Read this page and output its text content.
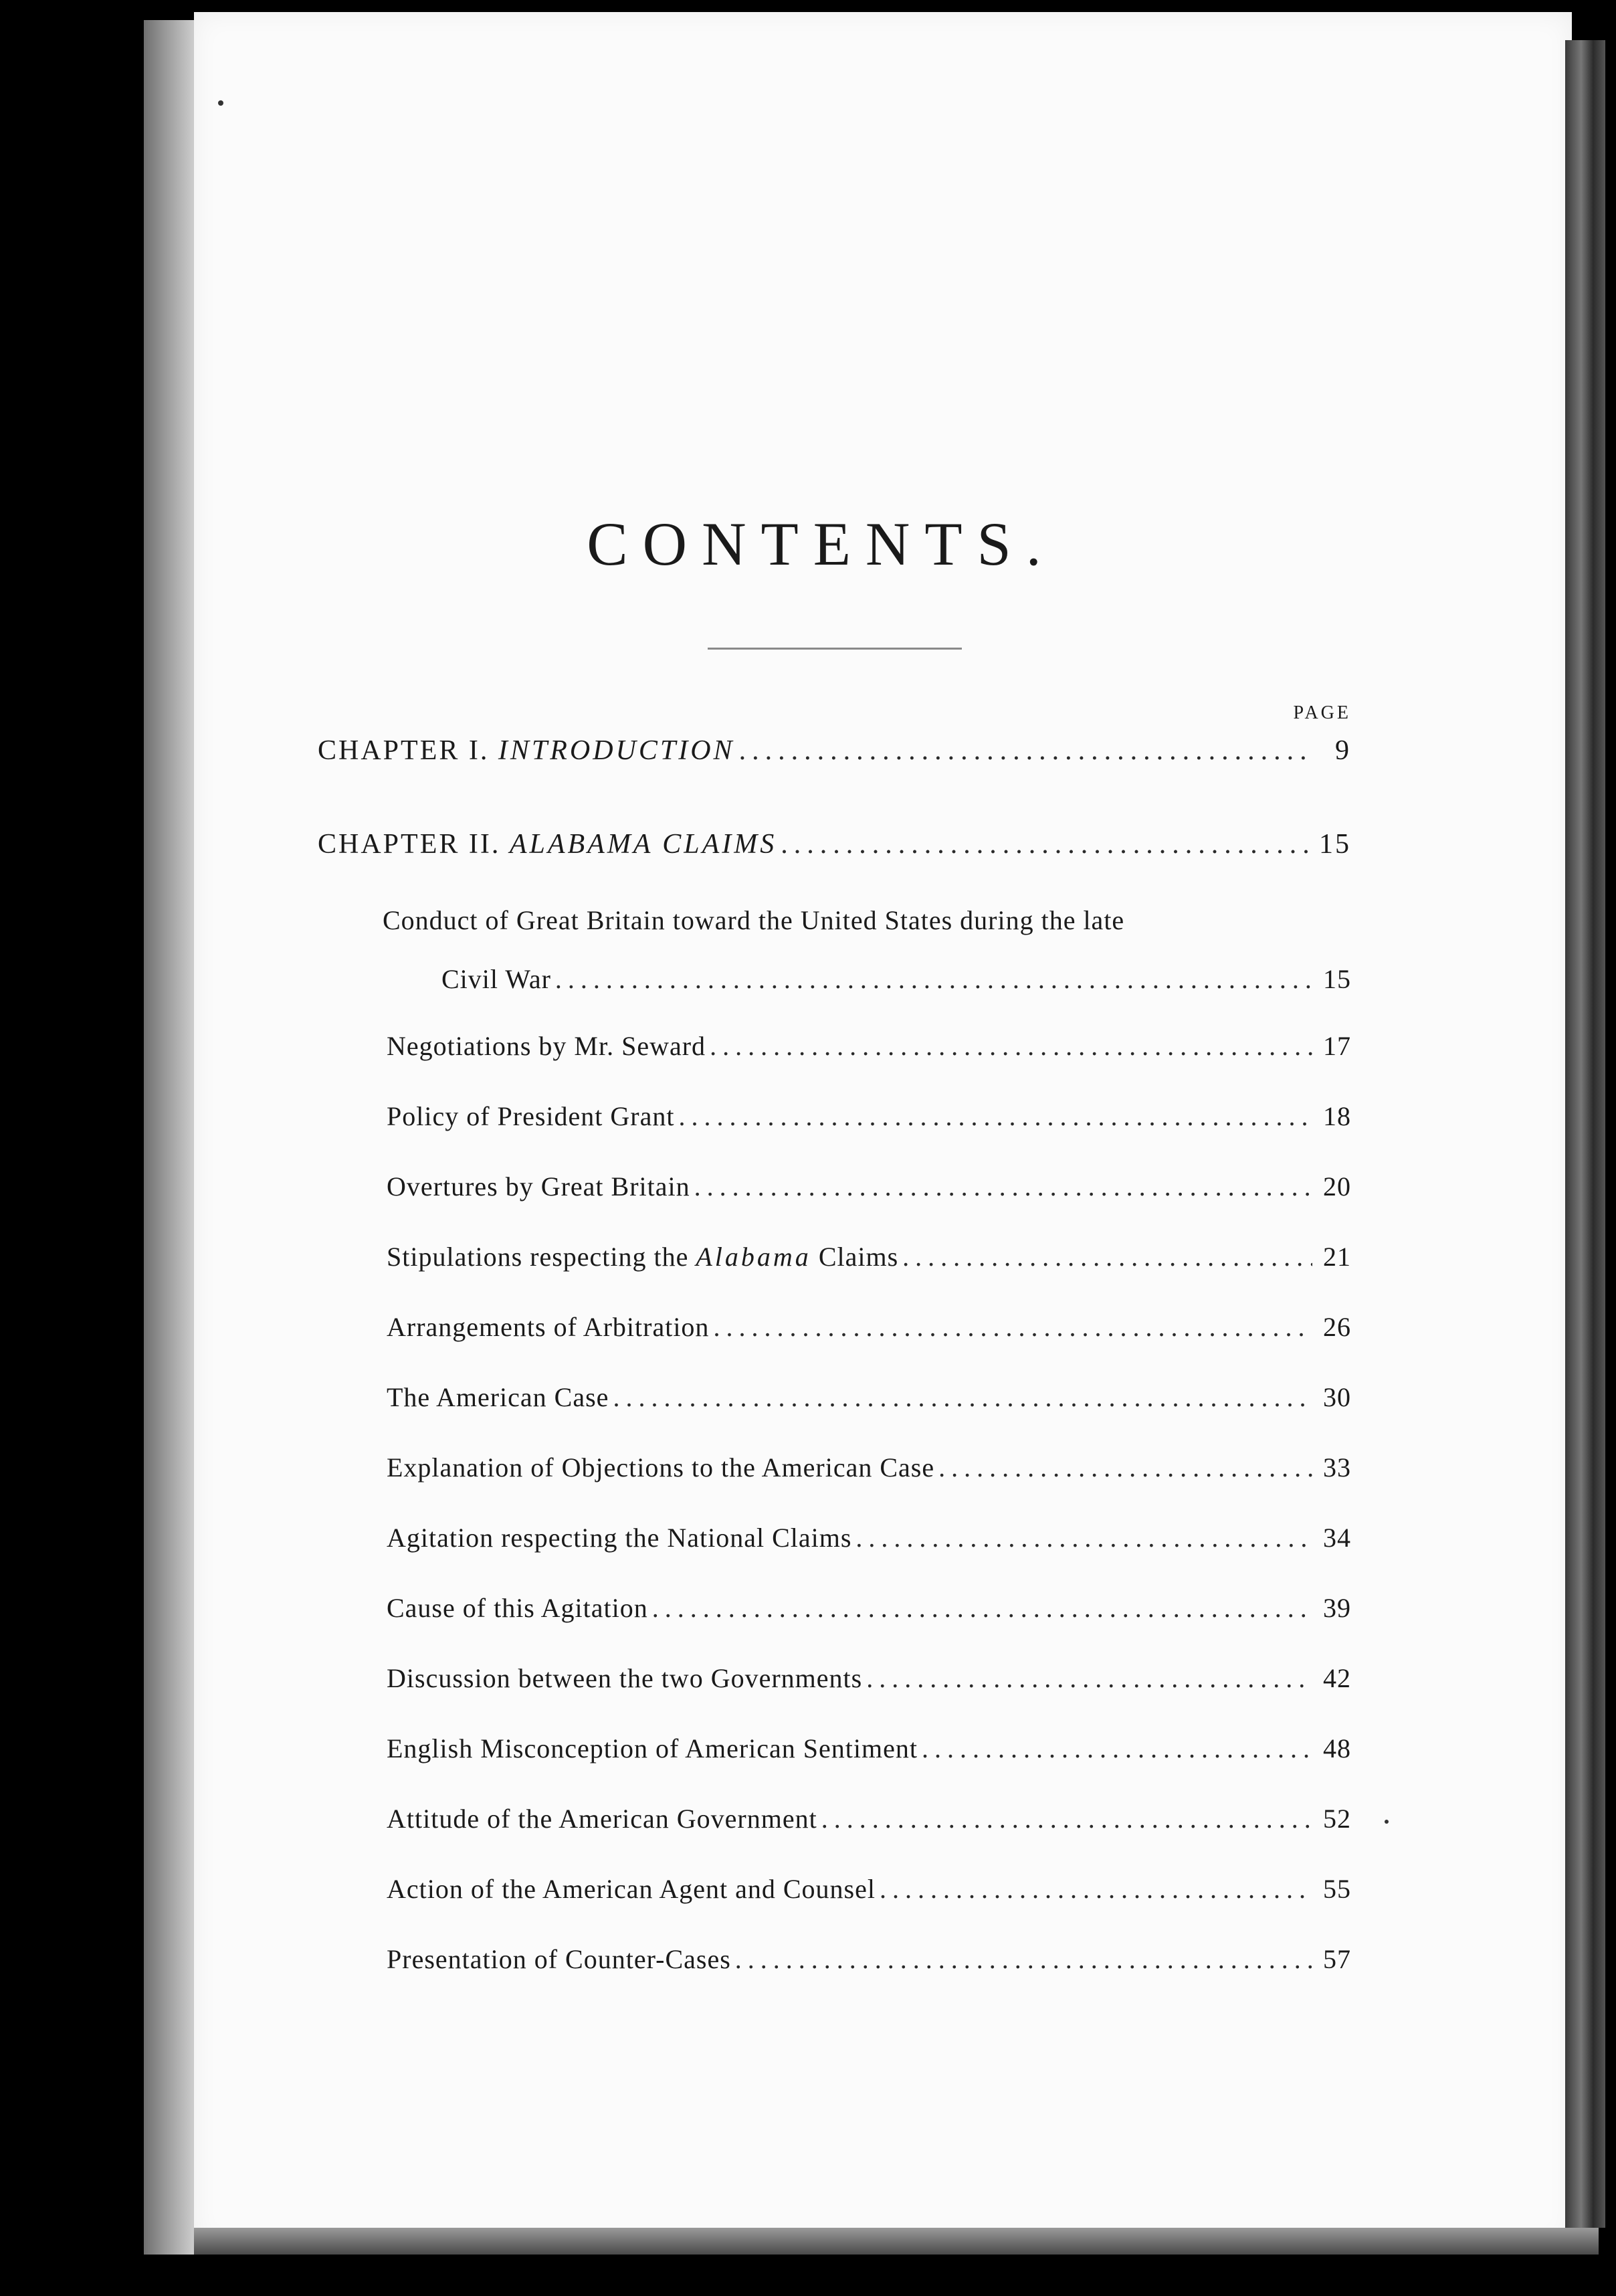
CONTENTS.
PAGE
CHAPTER I. INTRODUCTION .....	9
CHAPTER II. ALABAMA CLAIMS .....	15
Conduct of Great Britain toward the United States during the late
Civil War .....	15
Negotiations by Mr. Seward .....	17
Policy of President Grant .....	18
Overtures by Great Britain .....	20
Stipulations respecting the Alabama Claims .....	21
Arrangements of Arbitration .....	26
The American Case .....	30
Explanation of Objections to the American Case .....	33
Agitation respecting the National Claims .....	34
Cause of this Agitation .....	39
Discussion between the two Governments .....	42
English Misconception of American Sentiment .....	48
Attitude of the American Government .....	52
Action of the American Agent and Counsel .....	55
Presentation of Counter-Cases .....	57
